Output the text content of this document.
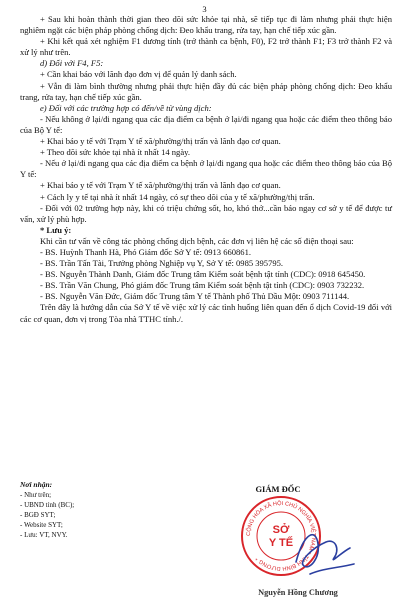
3

+ Sau khi hoàn thành thời gian theo dõi sức khỏe tại nhà, sẽ tiếp tục đi làm nhưng phải thực hiện nghiêm ngặt các biện pháp phòng chống dịch: Đeo khẩu trang, rửa tay, hạn chế tiếp xúc gần.

+ Khi kết quả xét nghiệm F1 dương tính (trở thành ca bệnh, F0), F2 trở thành F1; F3 trở thành F2 và xử lý như trên.

d) Đối với F4, F5:

+ Cần khai báo với lãnh đạo đơn vị để quản lý danh sách.

+ Vẫn đi làm bình thường nhưng phải thực hiện đầy đủ các biện pháp phòng chống dịch: Đeo khẩu trang, rửa tay, hạn chế tiếp xúc gần.

e) Đối với các trường hợp có đến/về từ vùng dịch:

- Nếu không ở lại/đi ngang qua các địa điểm ca bệnh ở lại/đi ngang qua hoặc các điểm theo thông báo của Bộ Y tế:

+ Khai báo y tế với Trạm Y tế xã/phường/thị trấn và lãnh đạo cơ quan.

+ Theo dõi sức khỏe tại nhà ít nhất 14 ngày.

- Nếu ở lại/đi ngang qua các địa điểm ca bệnh ở lại/đi ngang qua hoặc các điểm theo thông báo của Bộ Y tế:

+ Khai báo y tế với Trạm Y tế xã/phường/thị trấn và lãnh đạo cơ quan.

+ Cách ly y tế tại nhà ít nhất 14 ngày, có sự theo dõi của y tế xã/phường/thị trấn.

- Đối với 02 trường hợp này, khi có triệu chứng sốt, ho, khó thở...cần báo ngay cơ sở y tế để được tư vấn, xử lý phù hợp.

* Lưu ý:

Khi cần tư vấn về công tác phòng chống dịch bệnh, các đơn vị liên hệ các số điện thoại sau:

- BS. Huỳnh Thanh Hà, Phó Giám đốc Sở Y tế: 0913 660861.

- BS. Trần Tấn Tài, Trưởng phòng Nghiệp vụ Y, Sở Y tế: 0985 395795.

- BS. Nguyễn Thành Danh, Giám đốc Trung tâm Kiểm soát bệnh tật tỉnh (CDC): 0918 645450.

- BS. Trần Văn Chung, Phó giám đốc Trung tâm Kiểm soát bệnh tật tỉnh (CDC): 0903 732232.

- BS. Nguyễn Văn Đức, Giám đốc Trung tâm Y tế Thành phố Thủ Dầu Một: 0903 711144.

Trên đây là hướng dẫn của Sở Y tế về việc xử lý các tình huống liên quan đến ổ dịch Covid-19 đối với các cơ quan, đơn vị trong Tòa nhà TTHC tỉnh./.

Nơi nhận:
- Như trên;
- UBND tỉnh (BC);
- BGĐ SYT;
- Website SYT;
- Lưu: VT, NVY.
GIÁM ĐỐC
CỘNG HÒA XÃ HỘI CHỦ NGHĨA VIỆT NAM * TỈNH BÌNH DƯƠNG *
SỞ
Y TẾ
Nguyễn Hồng Chương
